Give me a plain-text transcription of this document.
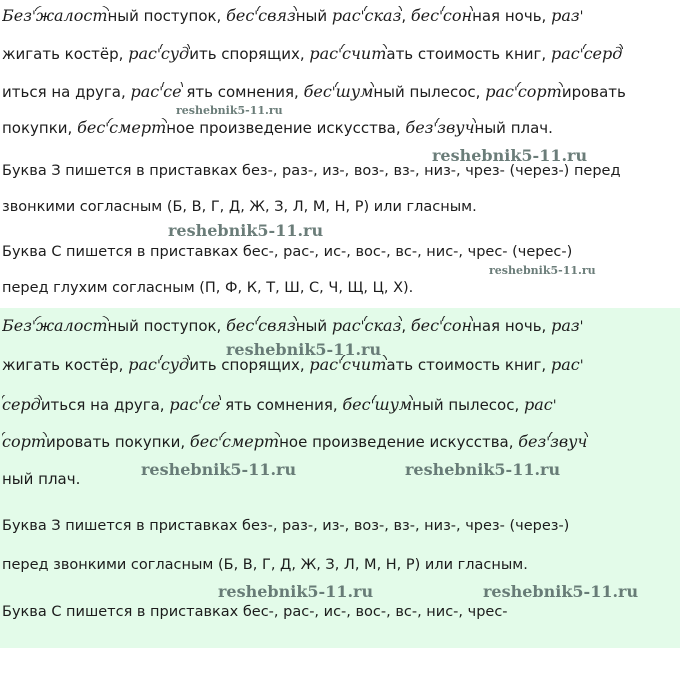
Без'жалостный поступок, бес'связный рас'сказ, бес'сонная ночь, раз'

жигать костёр, рас'судить спорящих, рас'считать стоимость книг, рас'серд

иться на друга, рас'се ять сомнения, бес'шумный пылесос, рас'сортировать

reshebnik5-11.ru

покупки, бес'смертное произведение искусства, без'звучный плач.

reshebnik5-11.ru

Буква З пишется в приставках без-, раз-, из-, воз-, вз-, низ-, чрез- (через-) перед

звонкими согласным (Б, В, Г, Д, Ж, З, Л, М, Н, Р) или гласным.

reshebnik5-11.ru

Буква С пишется в приставках бес-, рас-, ис-, вос-, вс-, нис-, чрес- (черес-)

reshebnik5-11.ru

перед глухим согласным (П, Ф, К, Т, Ш, С, Ч, Щ, Ц, Х).

Без'жалостный поступок, бес'связный рас'сказ, бес'сонная ночь, раз'

reshebnik5-11.ru

жигать костёр, рас'судить спорящих, рас'считать стоимость книг, рас'

сердиться на друга, рас'се ять сомнения, бес'шумный пылесос, рас'

сортировать покупки, бес'смертное произведение искусства, без'звуч

reshebnik5-11.ru	reshebnik5-11.ru

ный плач.

Буква З пишется в приставках без-, раз-, из-, воз-, вз-, низ-, чрез- (через-)

перед звонкими согласным (Б, В, Г, Д, Ж, З, Л, М, Н, Р) или гласным.

reshebnik5-11.ru	reshebnik5-11.ru

Буква С пишется в приставках бес-, рас-, ис-, вос-, вс-, нис-, чрес-
